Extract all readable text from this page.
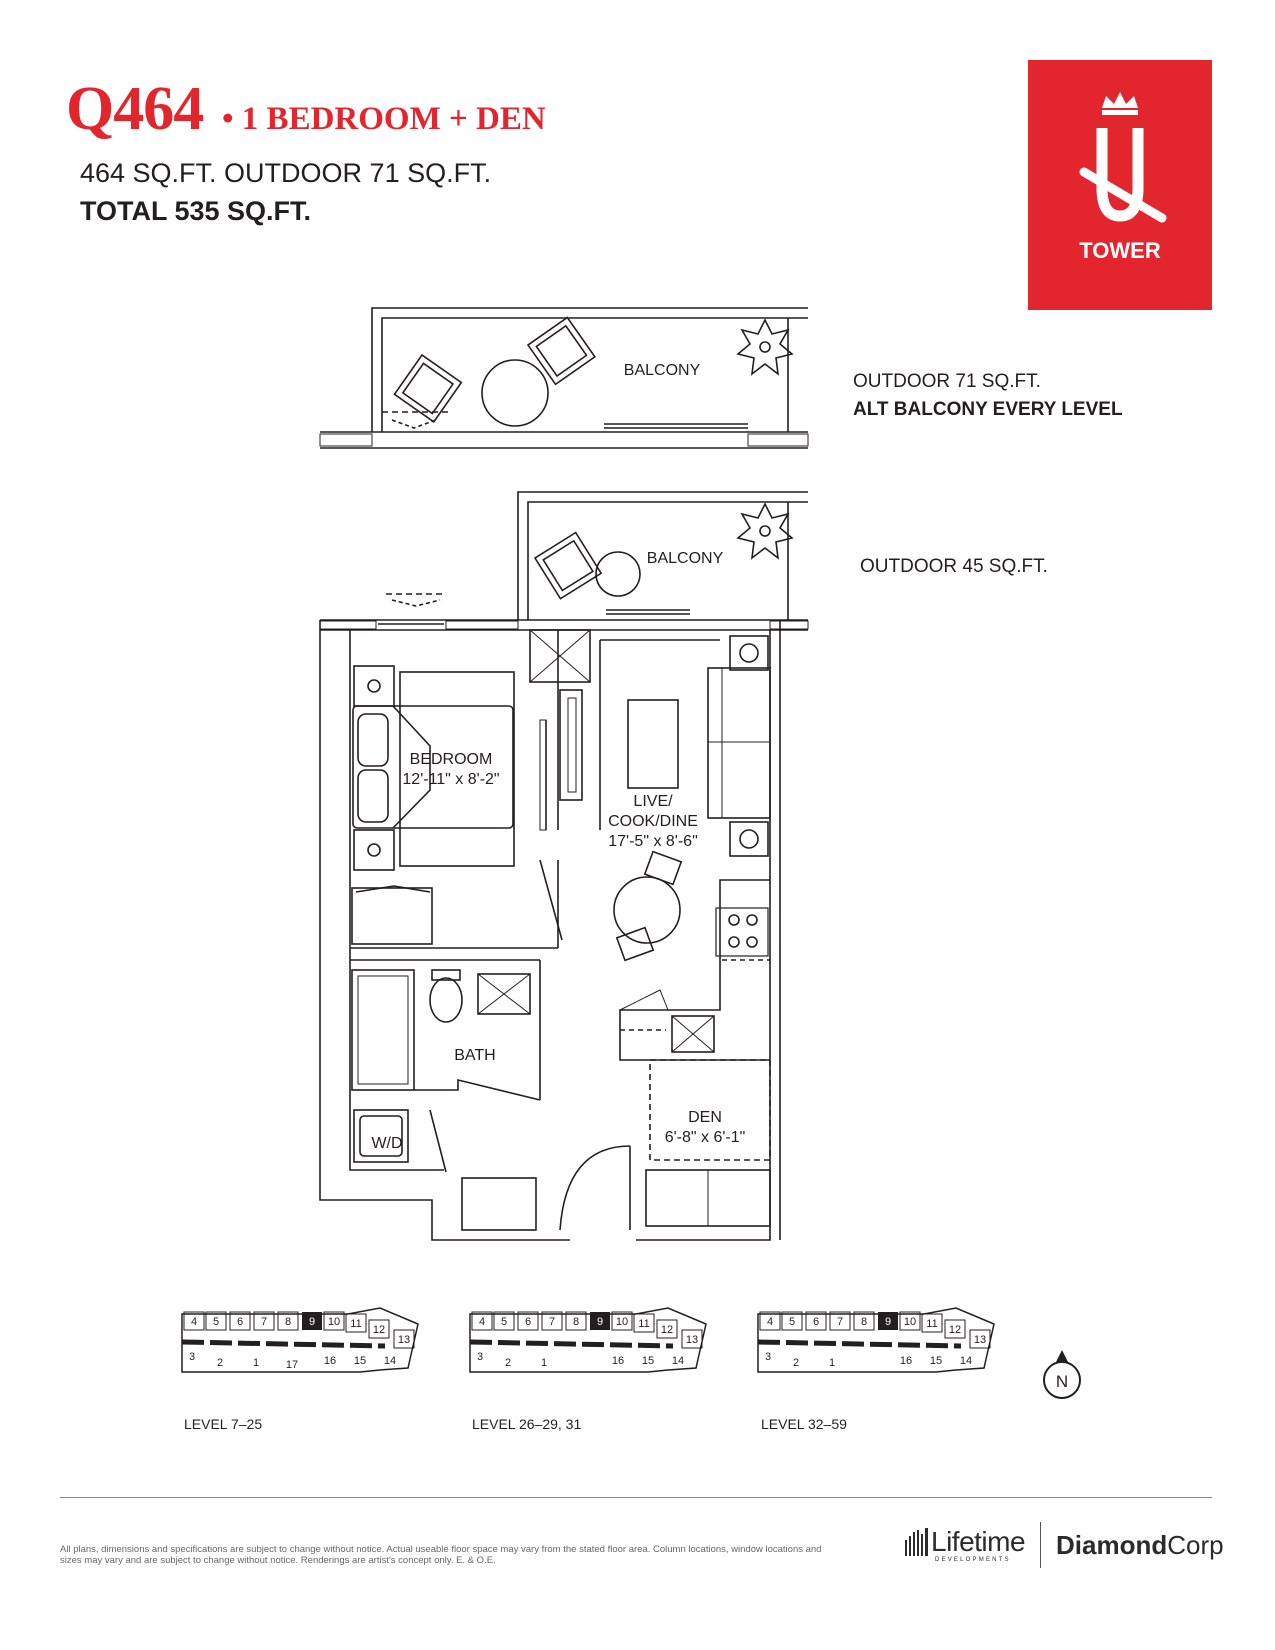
Q464 • 1 BEDROOM + DEN
464 SQ.FT. OUTDOOR 71 SQ.FT.
TOTAL 535 SQ.FT.
TOWER
OUTDOOR 71 SQ.FT.
ALT BALCONY EVERY LEVEL
OUTDOOR 45 SQ.FT.
BALCONY
BALCONY
BEDROOM
12'-11" x 8'-2"
LIVE/
COOK/DINE
17'-5" x 8'-6"
BATH
W/D
DEN
6'-8" x 6'-1"
4 5 6 7 8 9 10 11 12
13
3 2	1 17 16 15 14
4 5 6 7 8 9 10 11 12
13
3 2	1	16 15 14
4 5 6 7 8 9 10 11 12
13
3 2	1	16 15 14
LEVEL 7–25	LEVEL 26–29, 31	LEVEL 32–59
N
All plans, dimensions and specifications are subject to change without notice. Actual useable floor space may vary from the stated floor area. Column locations, window locations and sizes may vary and are subject to change without notice. Renderings are artist's concept only. E. & O.E.
Lifetime
DEVELOPMENTS	DiamondCorp
